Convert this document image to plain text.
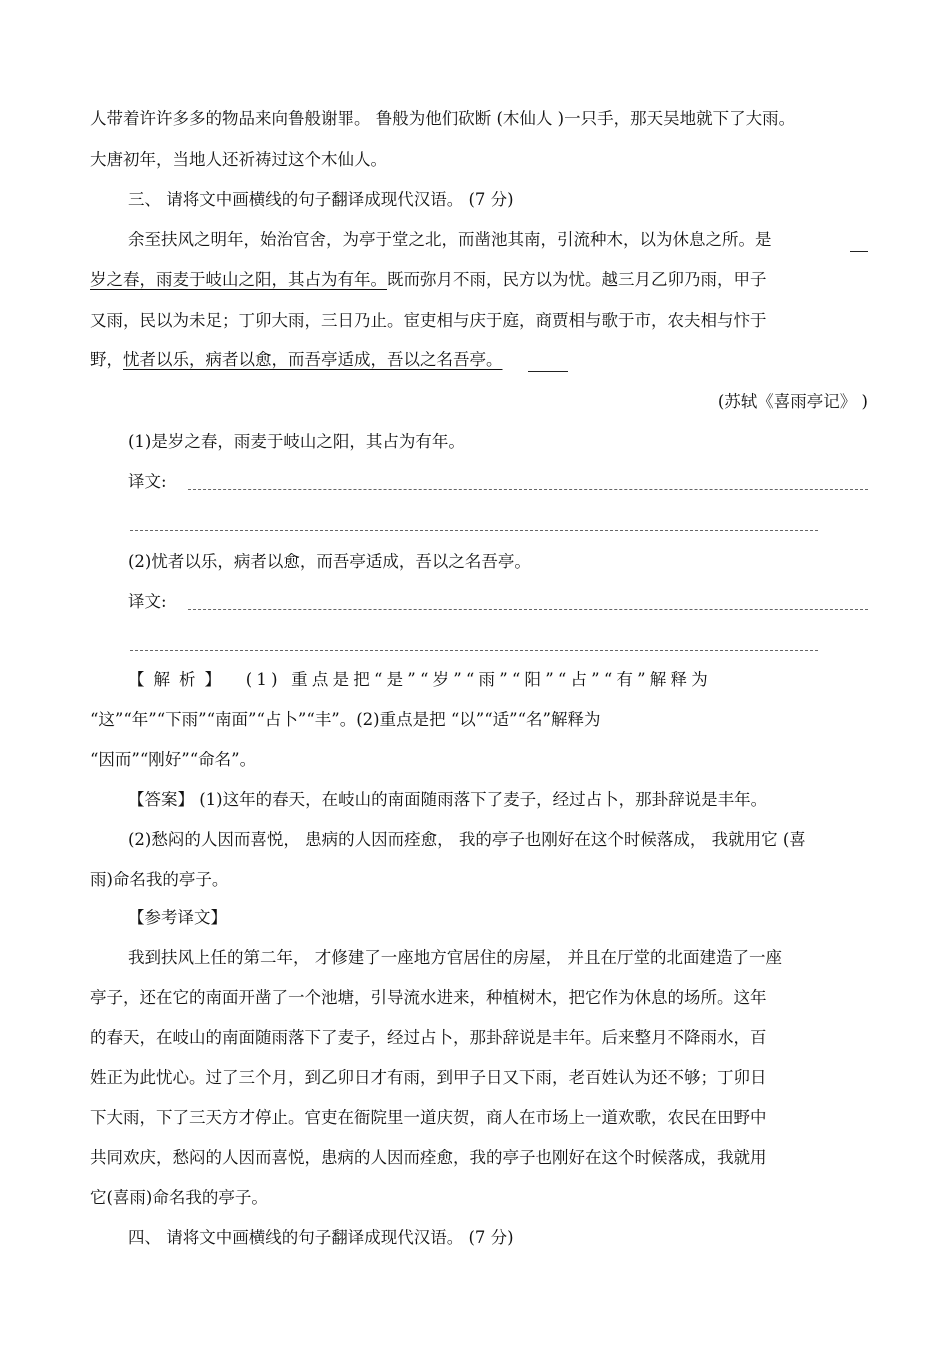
人带着许许多多的物品来向鲁般谢罪。 鲁般为他们砍断 (木仙人 )一只手，那天吴地就下了大雨。
大唐初年，当地人还祈祷过这个木仙人。
三、 请将文中画横线的句子翻译成现代汉语。 (7 分)
余至扶风之明年，始治官舍，为亭于堂之北，而凿池其南，引流种木，以为休息之所。是
岁之春，雨麦于岐山之阳，其占为有年。既而弥月不雨，民方以为忧。越三月乙卯乃雨，甲子
又雨，民以为未足；丁卯大雨，三日乃止。宦吏相与庆于庭，商贾相与歌于市，农夫相与忭于
野，忧者以乐，病者以愈，而吾亭适成，吾以之名吾亭。
(苏轼《喜雨亭记》 )
(1)是岁之春，雨麦于岐山之阳，其占为有年。
译文:
(2)忧者以乐，病者以愈，而吾亭适成，吾以之名吾亭。
译文:
【解析】 (1) 重点是把“是”“岁”“雨”“阳”“占”“有”解释为
“这”“年”“下雨”“南面”“占卜”“丰”。(2)重点是把 “以”“适”“名”解释为
“因而”“刚好”“命名”。
【答案】 (1)这年的春天，在岐山的南面随雨落下了麦子，经过占卜，那卦辞说是丰年。
(2)愁闷的人因而喜悦， 患病的人因而痊愈， 我的亭子也刚好在这个时候落成， 我就用它 (喜
雨)命名我的亭子。
【参考译文】
我到扶风上任的第二年， 才修建了一座地方官居住的房屋， 并且在厅堂的北面建造了一座
亭子，还在它的南面开凿了一个池塘，引导流水进来，种植树木，把它作为休息的场所。这年
的春天，在岐山的南面随雨落下了麦子，经过占卜，那卦辞说是丰年。后来整月不降雨水，百
姓正为此忧心。过了三个月，到乙卯日才有雨，到甲子日又下雨，老百姓认为还不够；丁卯日
下大雨，下了三天方才停止。官吏在衙院里一道庆贺，商人在市场上一道欢歌，农民在田野中
共同欢庆，愁闷的人因而喜悦，患病的人因而痊愈，我的亭子也刚好在这个时候落成，我就用
它(喜雨)命名我的亭子。
四、 请将文中画横线的句子翻译成现代汉语。 (7 分)
